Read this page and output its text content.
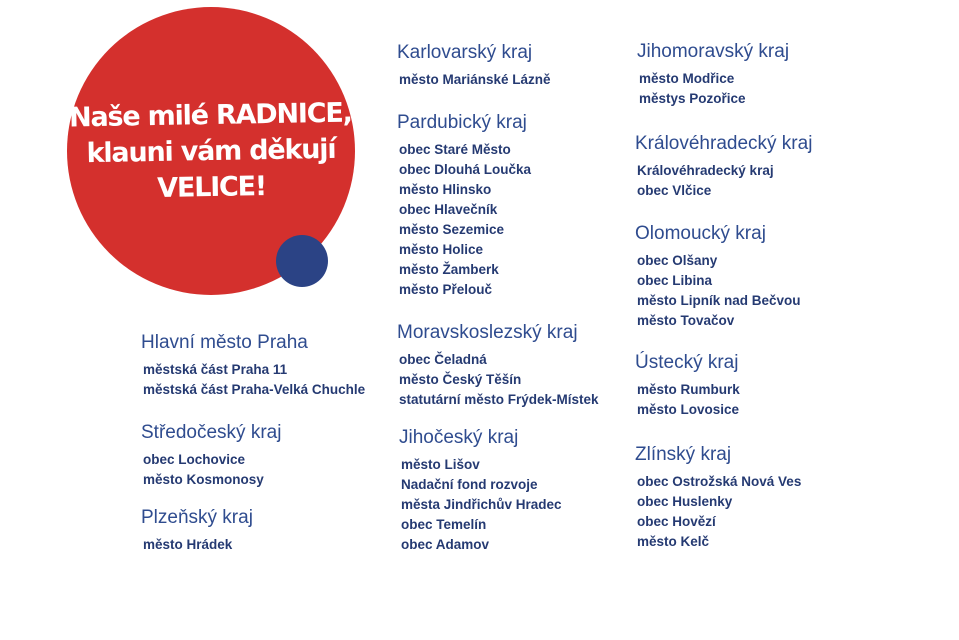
Naše milé RADNICE,
klauni vám děkují
VELICE!
Hlavní město Praha
městská část Praha 11
městská část Praha-Velká Chuchle
Středočeský kraj
obec Lochovice
město Kosmonosy
Plzeňský kraj
město Hrádek
Karlovarský kraj
město Mariánské Lázně
Pardubický kraj
obec Staré Město
obec Dlouhá Loučka
město Hlinsko
obec Hlavečník
město Sezemice
město Holice
město Žamberk
město Přelouč
Moravskoslezský kraj
obec Čeladná
město Český Těšín
statutární město Frýdek-Místek
Jihočeský kraj
město Lišov
Nadační fond rozvoje
města Jindřichův Hradec
obec Temelín
obec Adamov
Jihomoravský kraj
město Modřice
městys Pozořice
Královéhradecký kraj
Královéhradecký kraj
obec Vlčice
Olomoucký kraj
obec Olšany
obec Libina
město Lipník nad Bečvou
město Tovačov
Ústecký kraj
město Rumburk
město Lovosice
Zlínský kraj
obec Ostrožská Nová Ves
obec Huslenky
obec Hovězí
město Kelč
